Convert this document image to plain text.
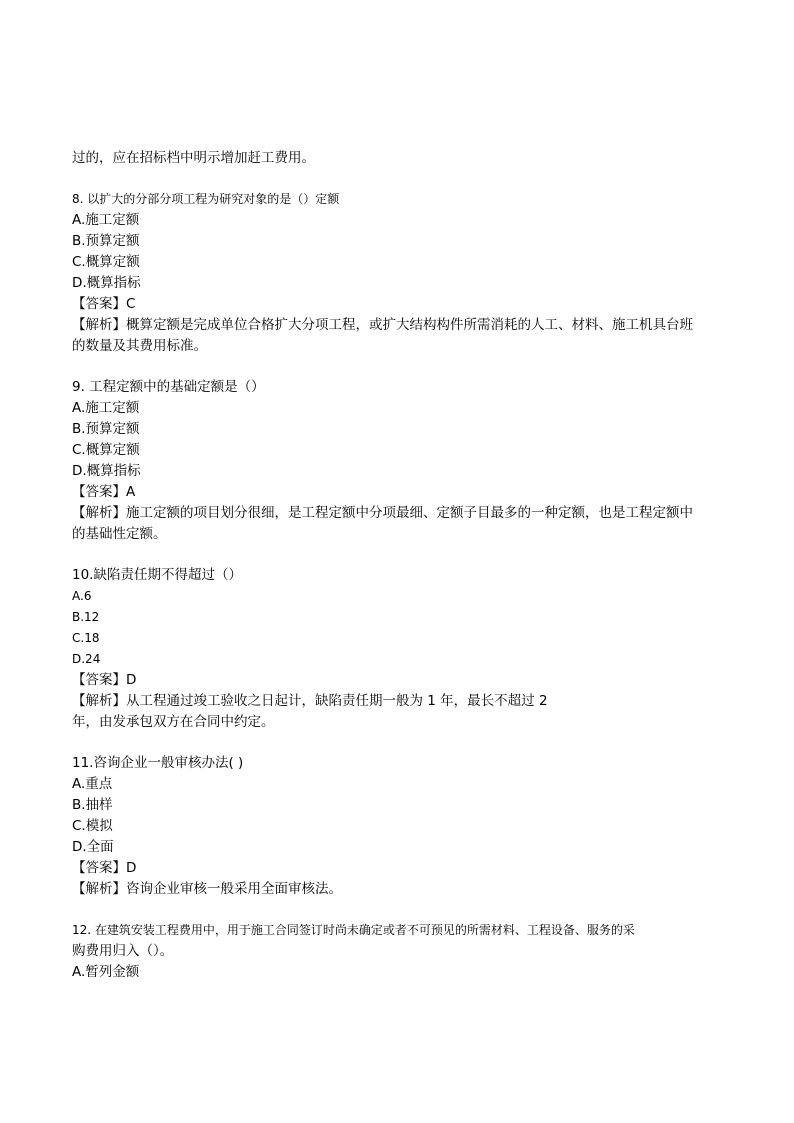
过的，应在招标档中明示增加赶工费用。
8. 以扩大的分部分项工程为研究对象的是（）定额
A.施工定额
B.预算定额
C.概算定额
D.概算指标
【答案】C
【解析】概算定额是完成单位合格扩大分项工程，或扩大结构构件所需消耗的人工、材料、施工机具台班
的数量及其费用标准。
9. 工程定额中的基础定额是（）
A.施工定额
B.预算定额
C.概算定额
D.概算指标
【答案】A
【解析】施工定额的项目划分很细，是工程定额中分项最细、定额子目最多的一种定额，也是工程定额中
的基础性定额。
10.缺陷责任期不得超过（）
A.6
B.12
C.18
D.24
【答案】D
【解析】从工程通过竣工验收之日起计，缺陷责任期一般为 1 年，最长不超过 2
年，由发承包双方在合同中约定。
11.咨询企业一般审核办法( )
A.重点
B.抽样
C.模拟
D.全面
【答案】D
【解析】咨询企业审核一般采用全面审核法。
12. 在建筑安装工程费用中，用于施工合同签订时尚未确定或者不可预见的所需材料、工程设备、服务的采
购费用归入（）。
A.暂列金额
